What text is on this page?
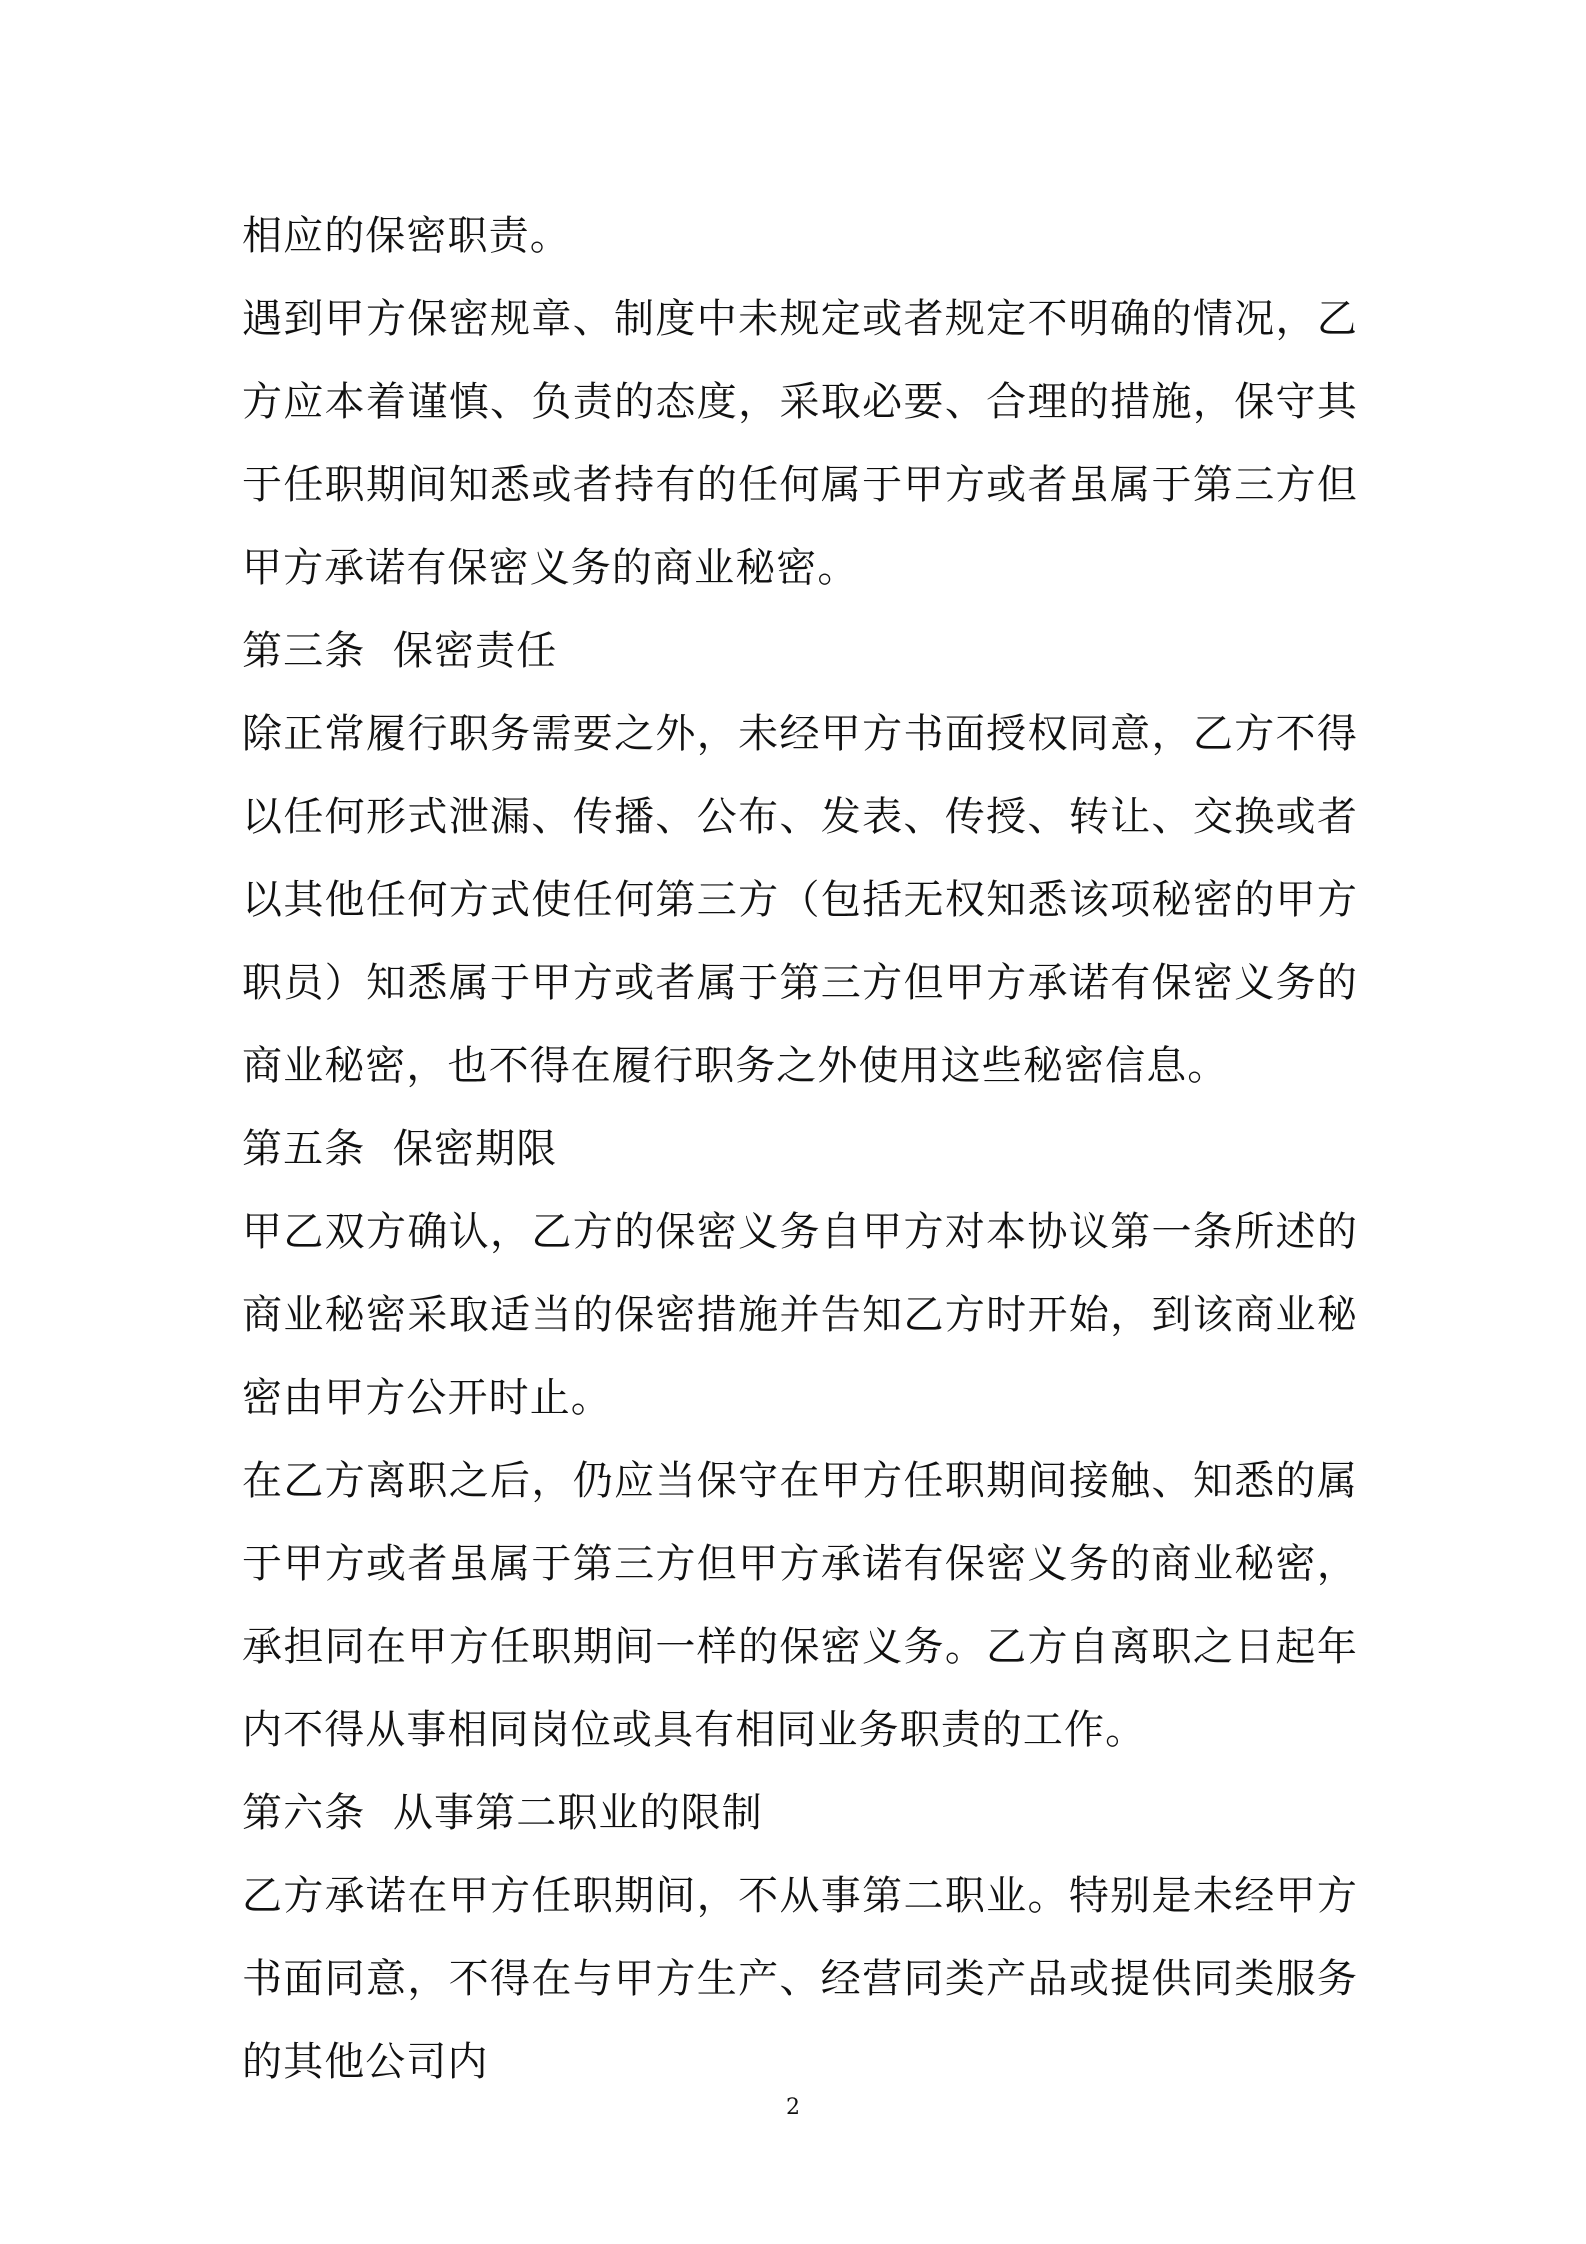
相应的保密职责。

遇到甲方保密规章、制度中未规定或者规定不明确的情况，乙方应本着谨慎、负责的态度，采取必要、合理的措施，保守其于任职期间知悉或者持有的任何属于甲方或者虽属于第三方但甲方承诺有保密义务的商业秘密。

第三条  保密责任

除正常履行职务需要之外，未经甲方书面授权同意，乙方不得以任何形式泄漏、传播、公布、发表、传授、转让、交换或者以其他任何方式使任何第三方（包括无权知悉该项秘密的甲方职员）知悉属于甲方或者属于第三方但甲方承诺有保密义务的商业秘密，也不得在履行职务之外使用这些秘密信息。

第五条  保密期限

甲乙双方确认，乙方的保密义务自甲方对本协议第一条所述的商业秘密采取适当的保密措施并告知乙方时开始，到该商业秘密由甲方公开时止。

在乙方离职之后，仍应当保守在甲方任职期间接触、知悉的属于甲方或者虽属于第三方但甲方承诺有保密义务的商业秘密，承担同在甲方任职期间一样的保密义务。乙方自离职之日起年内不得从事相同岗位或具有相同业务职责的工作。

第六条  从事第二职业的限制

乙方承诺在甲方任职期间，不从事第二职业。特别是未经甲方书面同意，不得在与甲方生产、经营同类产品或提供同类服务的其他公司内

2
